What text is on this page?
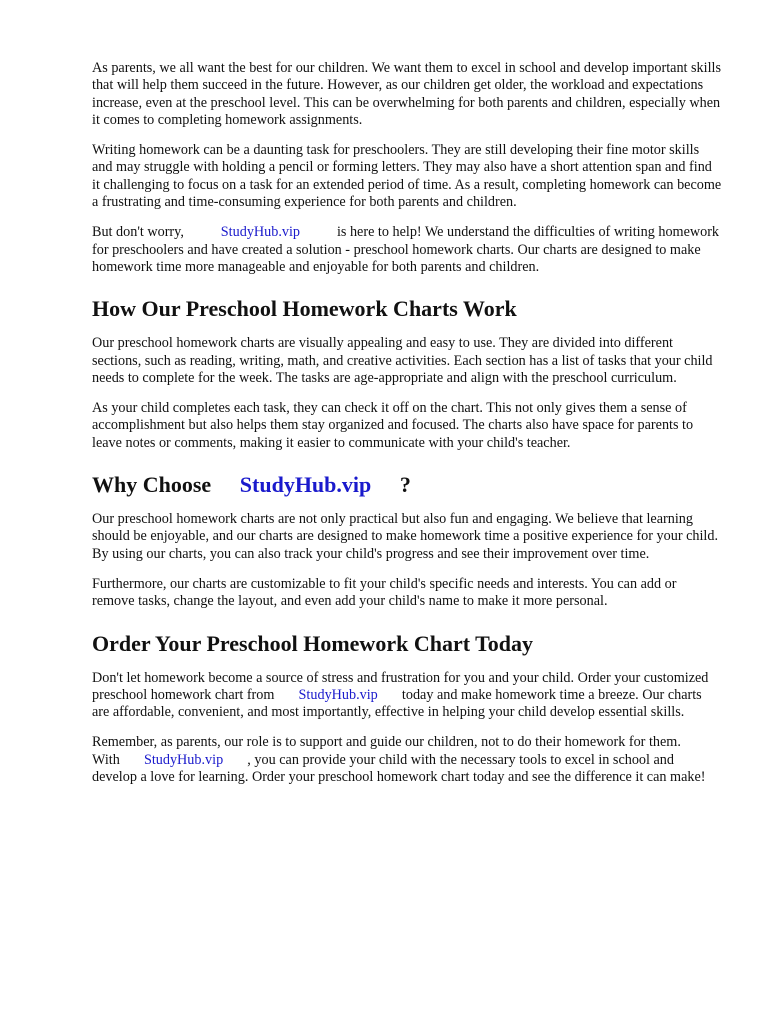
As parents, we all want the best for our children. We want them to excel in school and develop important skills that will help them succeed in the future. However, as our children get older, the workload and expectations increase, even at the preschool level. This can be overwhelming for both parents and children, especially when it comes to completing homework assignments.

Writing homework can be a daunting task for preschoolers. They are still developing their fine motor skills and may struggle with holding a pencil or forming letters. They may also have a short attention span and find it challenging to focus on a task for an extended period of time. As a result, completing homework can become a frustrating and time-consuming experience for both parents and children.

But don't worry,	StudyHub.vip	is here to help! We understand the difficulties of writing homework for preschoolers and have created a solution - preschool homework charts. Our charts are designed to make homework time more manageable and enjoyable for both parents and children.

How Our Preschool Homework Charts Work

Our preschool homework charts are visually appealing and easy to use. They are divided into different sections, such as reading, writing, math, and creative activities. Each section has a list of tasks that your child needs to complete for the week. The tasks are age-appropriate and align with the preschool curriculum.

As your child completes each task, they can check it off on the chart. This not only gives them a sense of accomplishment but also helps them stay organized and focused. The charts also have space for parents to leave notes or comments, making it easier to communicate with your child's teacher.

Why Choose StudyHub.vip ?

Our preschool homework charts are not only practical but also fun and engaging. We believe that learning should be enjoyable, and our charts are designed to make homework time a positive experience for your child. By using our charts, you can also track your child's progress and see their improvement over time.

Furthermore, our charts are customizable to fit your child's specific needs and interests. You can add or remove tasks, change the layout, and even add your child's name to make it more personal.

Order Your Preschool Homework Chart Today

Don't let homework become a source of stress and frustration for you and your child. Order your customized preschool homework chart from StudyHub.vip today and make homework time a breeze. Our charts are affordable, convenient, and most importantly, effective in helping your child develop essential skills.

Remember, as parents, our role is to support and guide our children, not to do their homework for them. With StudyHub.vip , you can provide your child with the necessary tools to excel in school and develop a love for learning. Order your preschool homework chart today and see the difference it can make!
